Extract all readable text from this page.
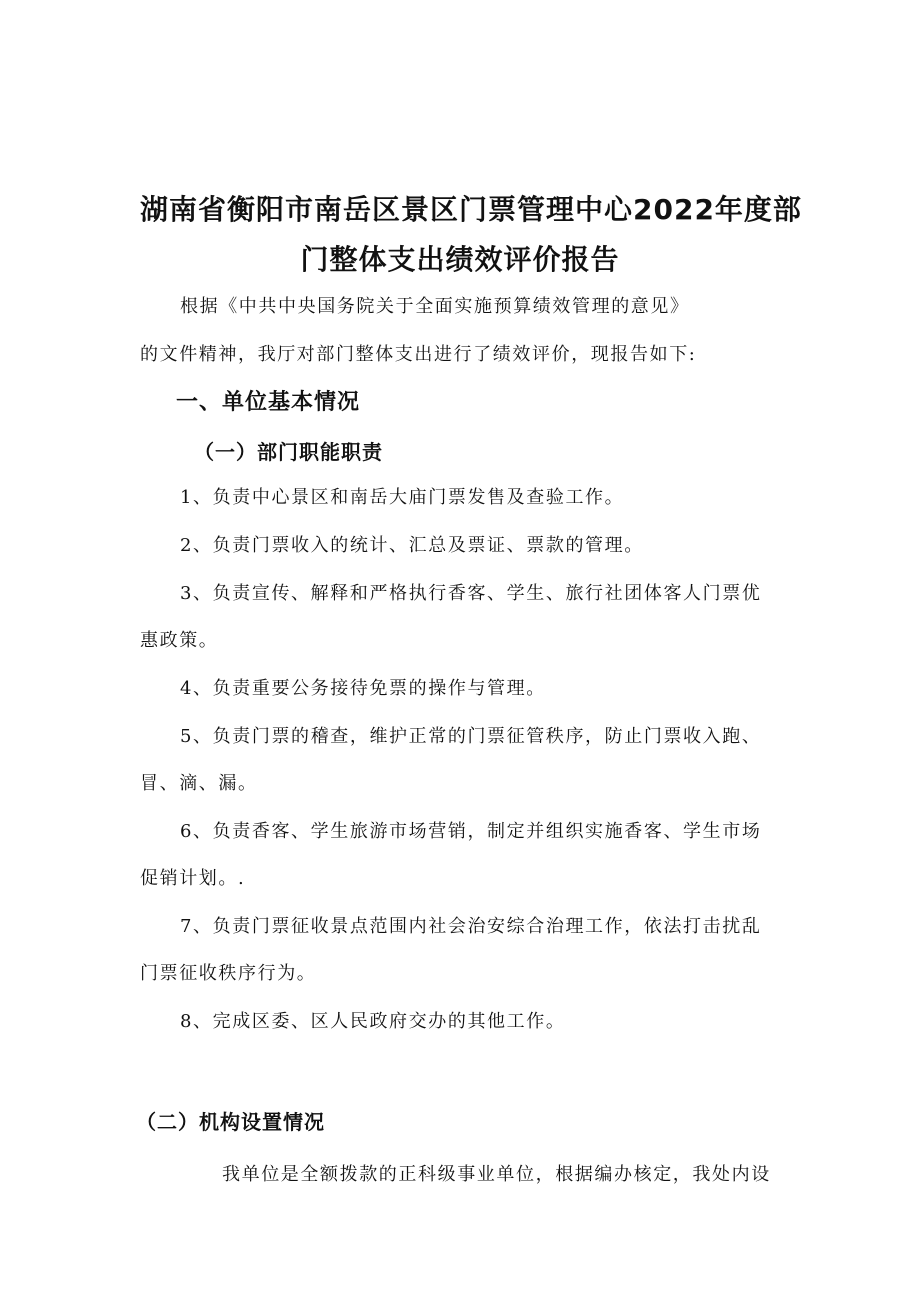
湖南省衡阳市南岳区景区门票管理中心2022年度部
门整体支出绩效评价报告
根据《中共中央国务院关于全面实施预算绩效管理的意见》
的文件精神，我厅对部门整体支出进行了绩效评价，现报告如下:
一、单位基本情况
（一）部门职能职责
1、负责中心景区和南岳大庙门票发售及查验工作。
2、负责门票收入的统计、汇总及票证、票款的管理。
3、负责宣传、解释和严格执行香客、学生、旅行社团体客人门票优
惠政策。
4、负责重要公务接待免票的操作与管理。
5、负责门票的稽查，维护正常的门票征管秩序，防止门票收入跑、
冒、滴、漏。
6、负责香客、学生旅游市场营销，制定并组织实施香客、学生市场
促销计划。.
7、负责门票征收景点范围内社会治安综合治理工作，依法打击扰乱
门票征收秩序行为。
8、完成区委、区人民政府交办的其他工作。
（二）机构设置情况
我单位是全额拨款的正科级事业单位，根据编办核定，我处内设
